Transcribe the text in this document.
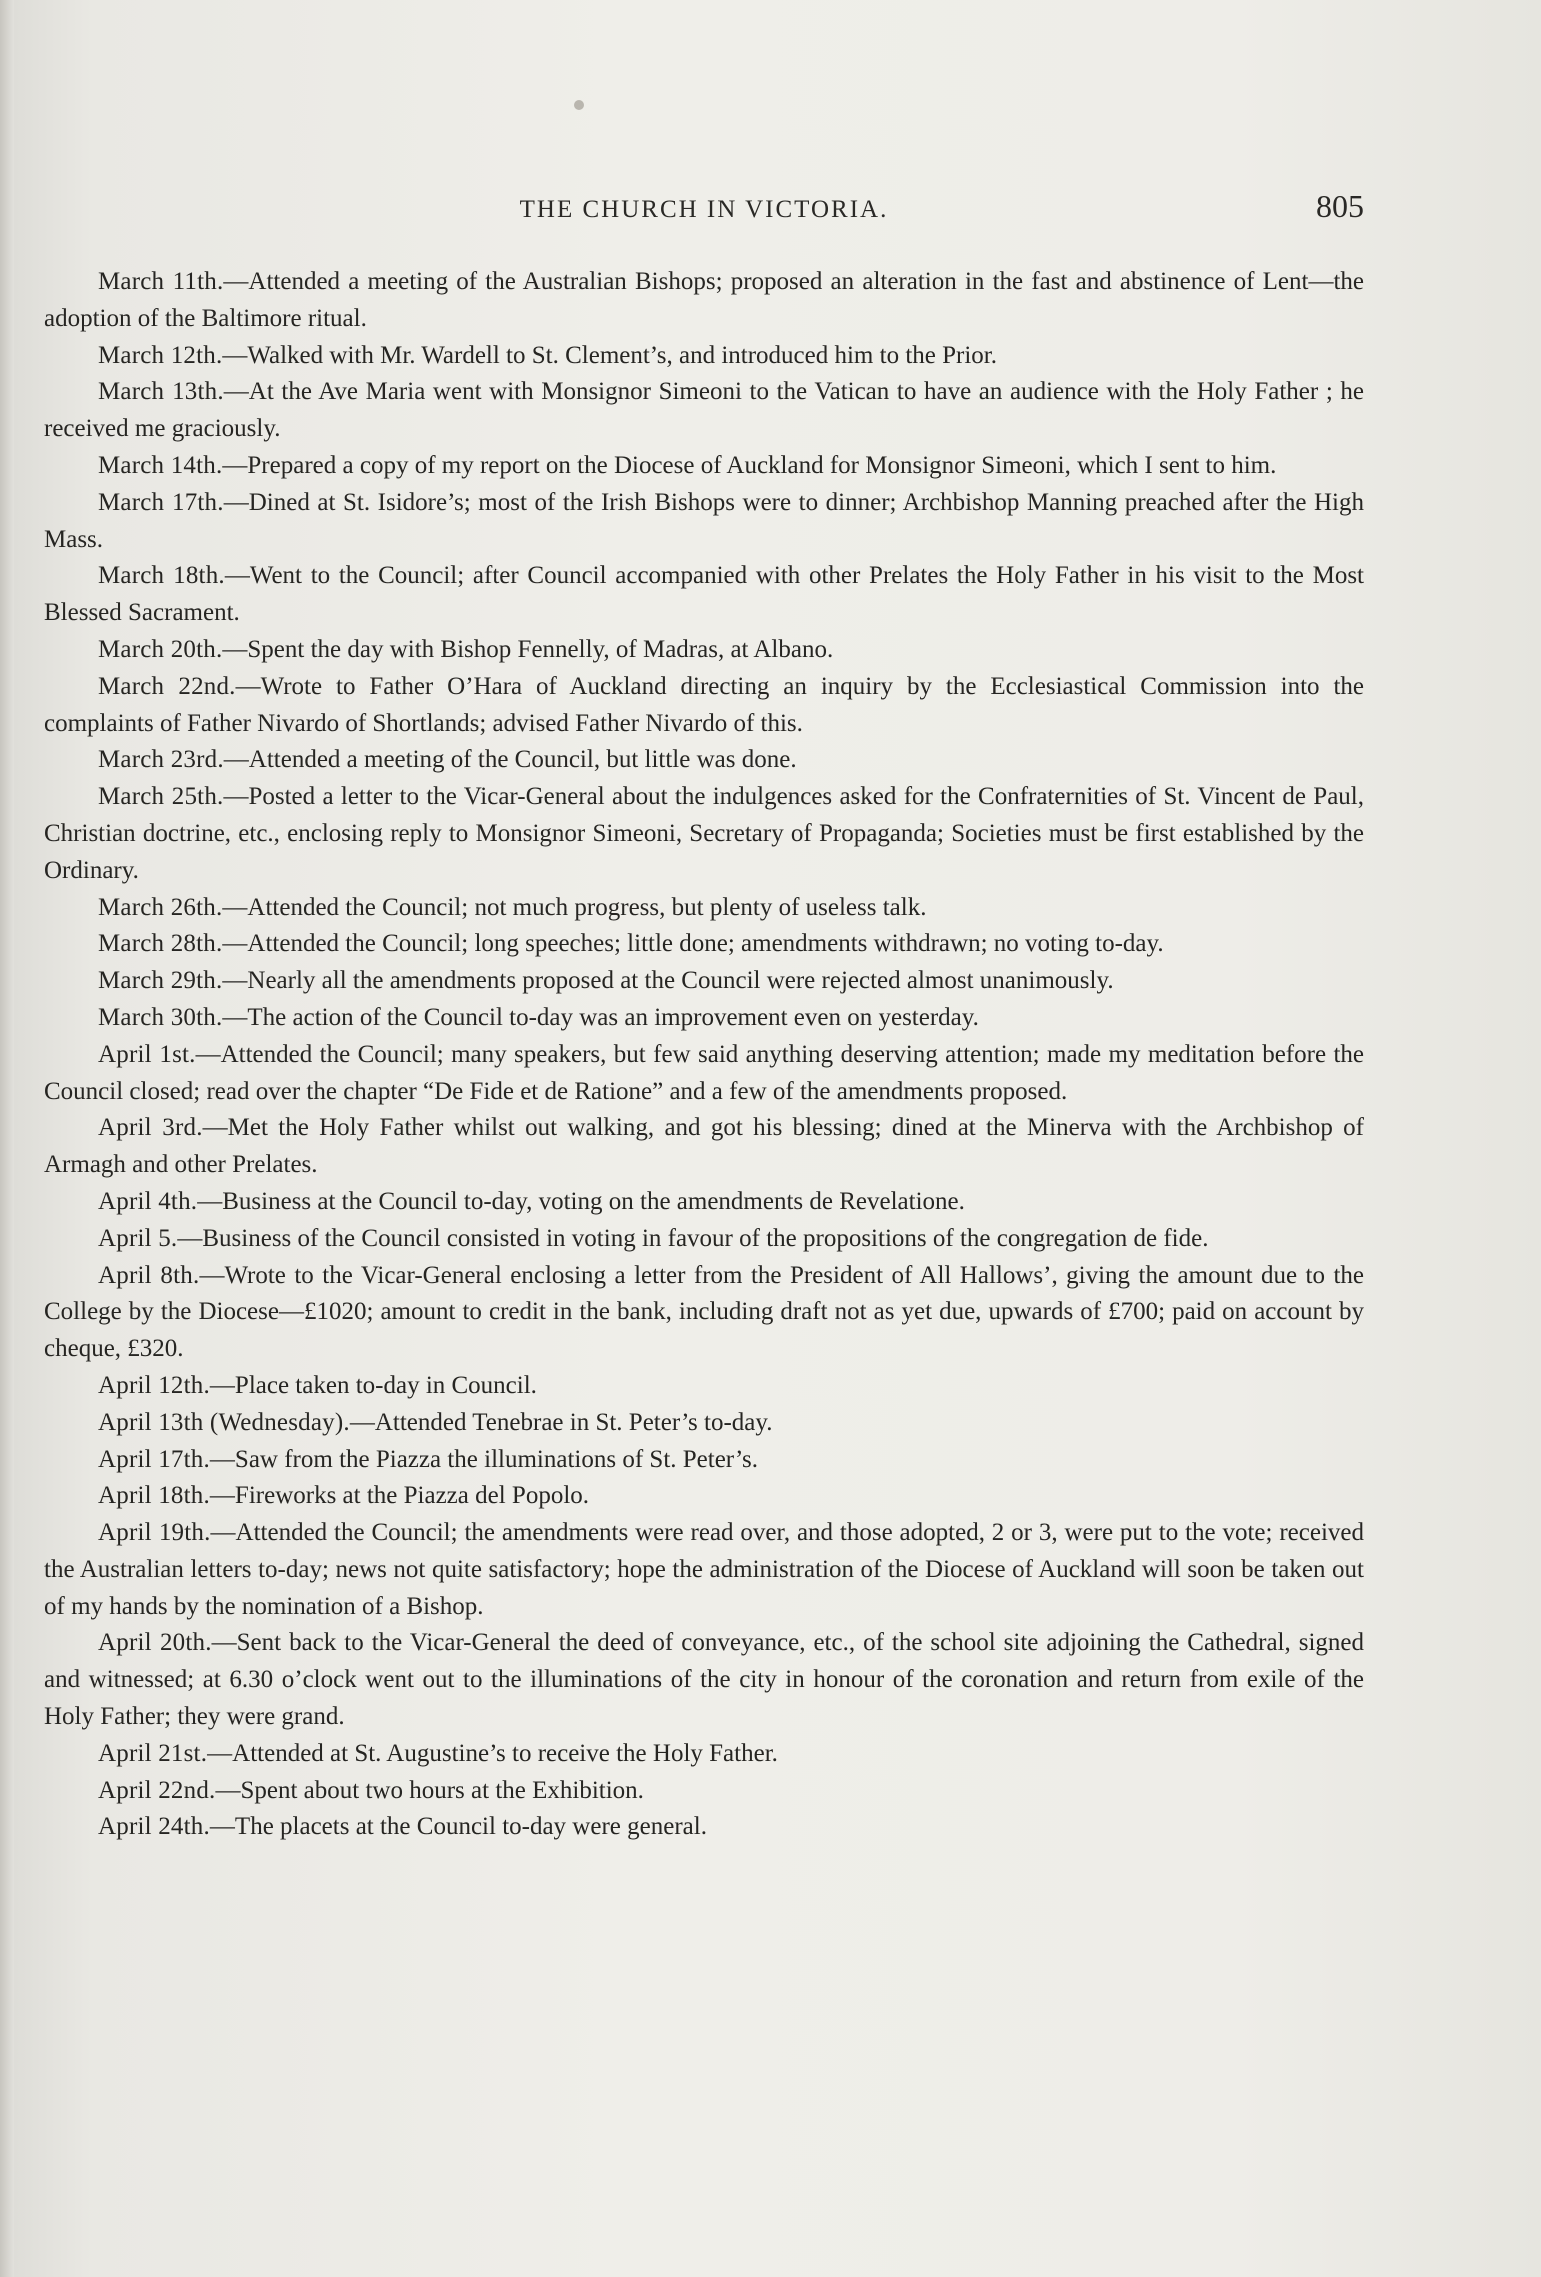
THE CHURCH IN VICTORIA.	805

March 11th.—Attended a meeting of the Australian Bishops; proposed an alteration in the fast and abstinence of Lent—the adoption of the Baltimore ritual.

March 12th.—Walked with Mr. Wardell to St. Clement’s, and introduced him to the Prior.

March 13th.—At the Ave Maria went with Monsignor Simeoni to the Vatican to have an audience with the Holy Father ; he received me graciously.

March 14th.—Prepared a copy of my report on the Diocese of Auckland for Monsignor Simeoni, which I sent to him.

March 17th.—Dined at St. Isidore’s; most of the Irish Bishops were to dinner; Archbishop Manning preached after the High Mass.

March 18th.—Went to the Council; after Council accompanied with other Prelates the Holy Father in his visit to the Most Blessed Sacrament.

March 20th.—Spent the day with Bishop Fennelly, of Madras, at Albano.

March 22nd.—Wrote to Father O’Hara of Auckland directing an inquiry by the Ecclesiastical Commission into the complaints of Father Nivardo of Shortlands; advised Father Nivardo of this.

March 23rd.—Attended a meeting of the Council, but little was done.

March 25th.—Posted a letter to the Vicar-General about the indulgences asked for the Confraternities of St. Vincent de Paul, Christian doctrine, etc., enclosing reply to Monsignor Simeoni, Secretary of Propaganda; Societies must be first established by the Ordinary.

March 26th.—Attended the Council; not much progress, but plenty of useless talk.

March 28th.—Attended the Council; long speeches; little done; amendments withdrawn; no voting to-day.

March 29th.—Nearly all the amendments proposed at the Council were rejected almost unanimously.

March 30th.—The action of the Council to-day was an improvement even on yesterday.

April 1st.—Attended the Council; many speakers, but few said anything deserving attention; made my meditation before the Council closed; read over the chapter “De Fide et de Ratione” and a few of the amendments proposed.

April 3rd.—Met the Holy Father whilst out walking, and got his blessing; dined at the Minerva with the Archbishop of Armagh and other Prelates.

April 4th.—Business at the Council to-day, voting on the amendments de Revelatione.

April 5.—Business of the Council consisted in voting in favour of the propositions of the congregation de fide.

April 8th.—Wrote to the Vicar-General enclosing a letter from the President of All Hallows’, giving the amount due to the College by the Diocese—£1020; amount to credit in the bank, including draft not as yet due, upwards of £700; paid on account by cheque, £320.

April 12th.—Place taken to-day in Council.

April 13th (Wednesday).—Attended Tenebrae in St. Peter’s to-day.

April 17th.—Saw from the Piazza the illuminations of St. Peter’s.

April 18th.—Fireworks at the Piazza del Popolo.

April 19th.—Attended the Council; the amendments were read over, and those adopted, 2 or 3, were put to the vote; received the Australian letters to-day; news not quite satisfactory; hope the administration of the Diocese of Auckland will soon be taken out of my hands by the nomination of a Bishop.

April 20th.—Sent back to the Vicar-General the deed of conveyance, etc., of the school site adjoining the Cathedral, signed and witnessed; at 6.30 o’clock went out to the illuminations of the city in honour of the coronation and return from exile of the Holy Father; they were grand.

April 21st.—Attended at St. Augustine’s to receive the Holy Father.

April 22nd.—Spent about two hours at the Exhibition.

April 24th.—The placets at the Council to-day were general.
